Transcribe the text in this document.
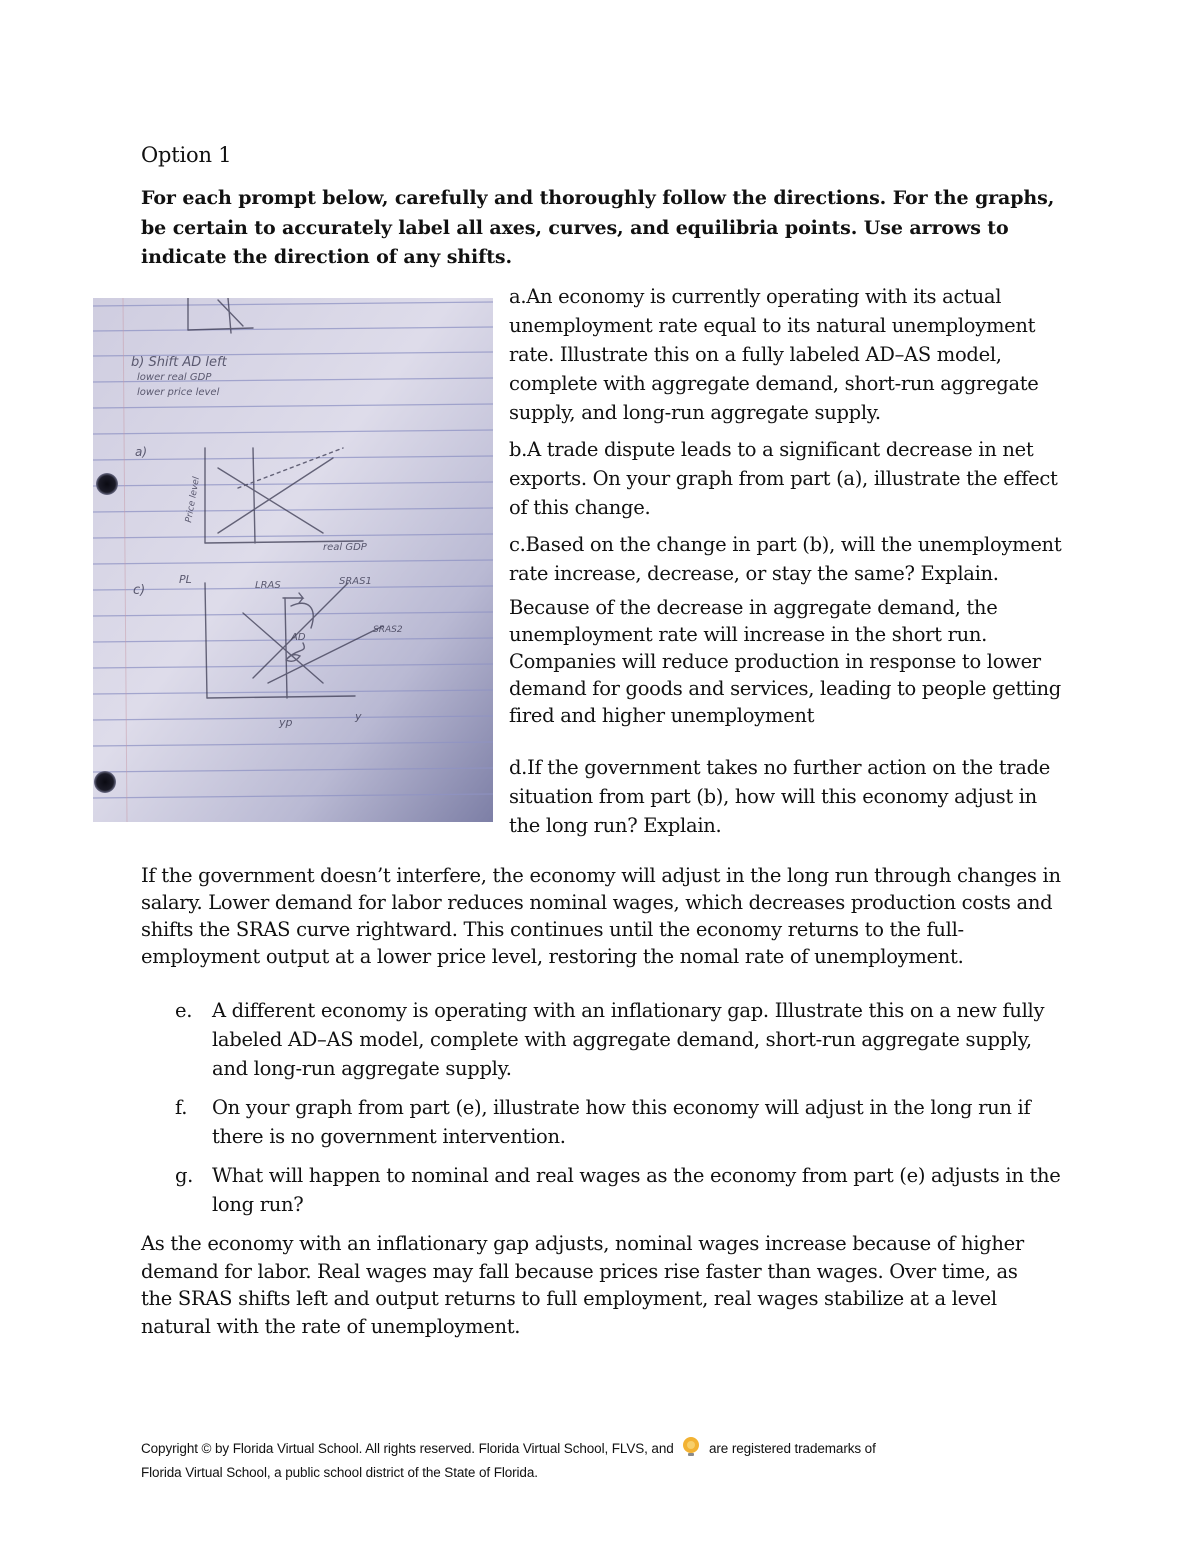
Option 1
For each prompt below, carefully and thoroughly follow the directions. For the graphs, be certain to accurately label all axes, curves, and equilibria points. Use arrows to indicate the direction of any shifts.
b) Shift AD left
lower real GDP
lower price level
a)
Price level
real GDP
c)
PL	LRAS	SRAS1
SRAS2
AD
yp	y

a.An economy is currently operating with its actual unemployment rate equal to its natural unemployment rate. Illustrate this on a fully labeled AD–AS model, complete with aggregate demand, short-run aggregate supply, and long-run aggregate supply.

b.A trade dispute leads to a significant decrease in net exports. On your graph from part (a), illustrate the effect of this change.

c.Based on the change in part (b), will the unemployment rate increase, decrease, or stay the same? Explain.

Because of the decrease in aggregate demand, the unemployment rate will increase in the short run. Companies will reduce production in response to lower demand for goods and services, leading to people getting fired and higher unemployment

d.If the government takes no further action on the trade situation from part (b), how will this economy adjust in the long run? Explain.

If the government doesn’t interfere, the economy will adjust in the long run through changes in salary. Lower demand for labor reduces nominal wages, which decreases production costs and shifts the SRAS curve rightward. This continues until the economy returns to the full-employment output at a lower price level, restoring the nomal rate of unemployment.

e. A different economy is operating with an inflationary gap. Illustrate this on a new fully labeled AD–AS model, complete with aggregate demand, short-run aggregate supply, and long-run aggregate supply.
f. On your graph from part (e), illustrate how this economy will adjust in the long run if there is no government intervention.
g. What will happen to nominal and real wages as the economy from part (e) adjusts in the long run?

As the economy with an inflationary gap adjusts, nominal wages increase because of higher demand for labor. Real wages may fall because prices rise faster than wages. Over time, as the SRAS shifts left and output returns to full employment, real wages stabilize at a level natural with the rate of unemployment.

Copyright © by Florida Virtual School. All rights reserved. Florida Virtual School, FLVS, and	are registered trademarks of
Florida Virtual School, a public school district of the State of Florida.
